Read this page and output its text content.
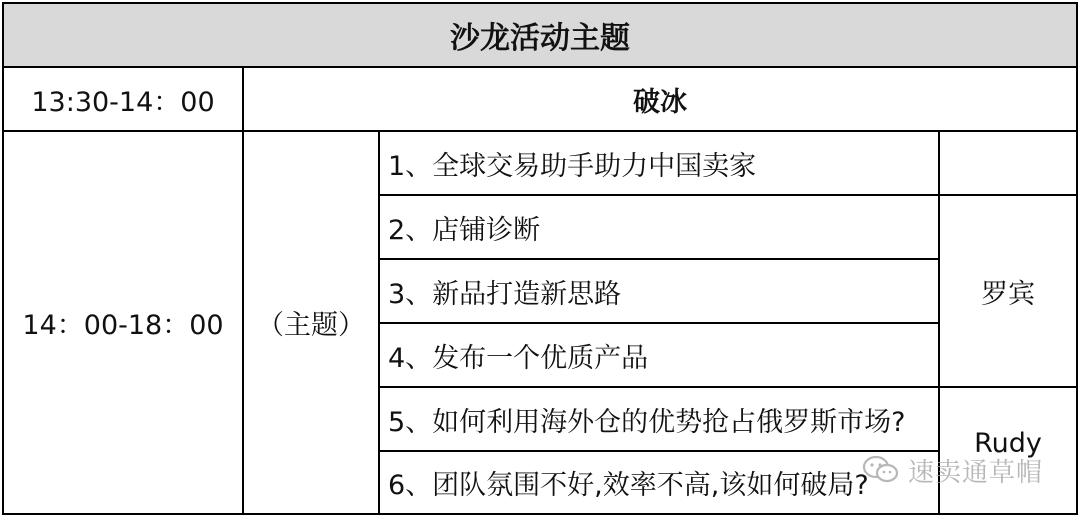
沙龙活动主题
13:30-14：00	破冰
14：00-18：00	（主题）
1、全球交易助手助力中国卖家
2、店铺诊断
3、新品打造新思路
4、发布一个优质产品
5、如何利用海外仓的优势抢占俄罗斯市场?
6、团队氛围不好,效率不高,该如何破局?
罗宾
Rudy
速卖通草帽
